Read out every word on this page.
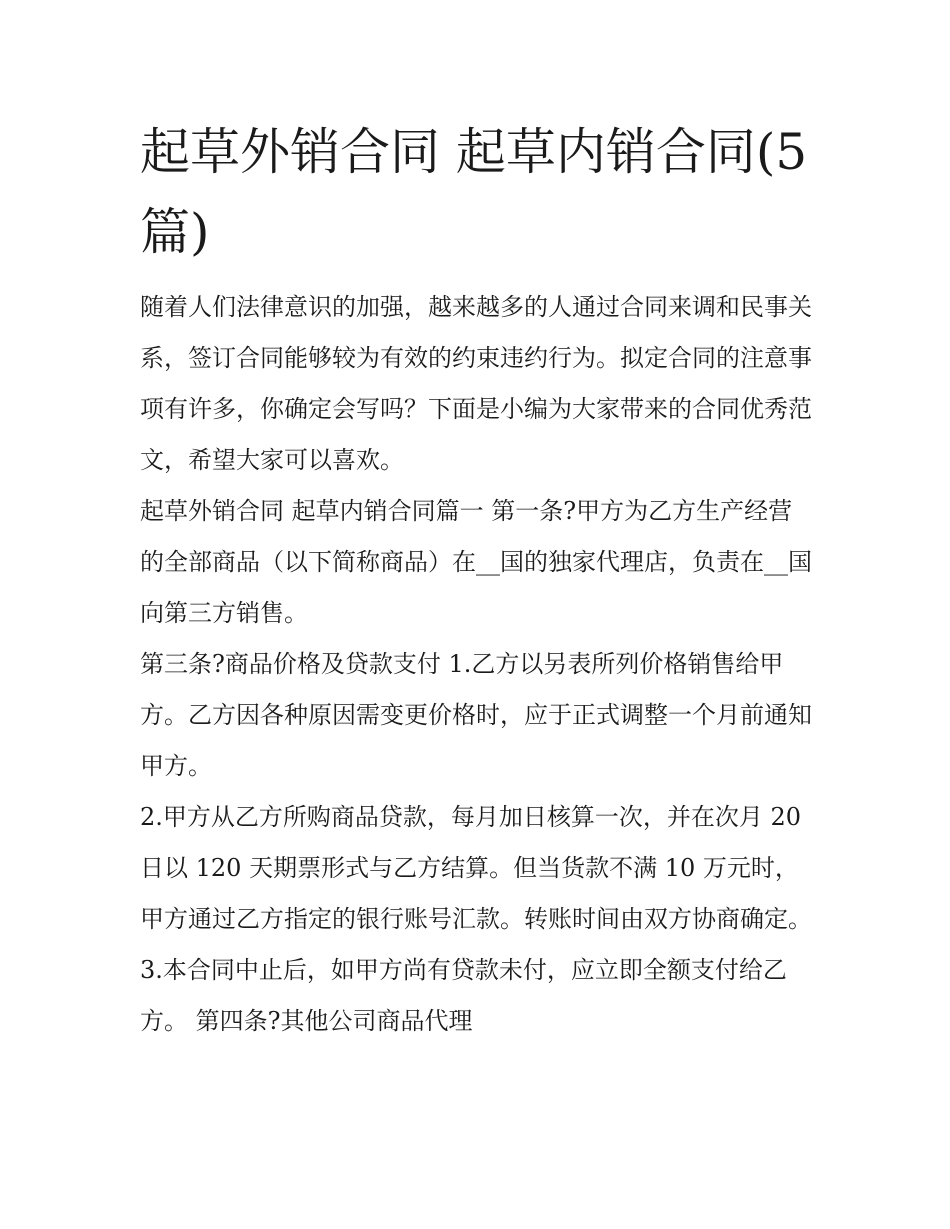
起草外销合同 起草内销合同(5篇)

随着人们法律意识的加强，越来越多的人通过合同来调和民事关系，签订合同能够较为有效的约束违约行为。拟定合同的注意事项有许多，你确定会写吗？下面是小编为大家带来的合同优秀范文，希望大家可以喜欢。

起草外销合同 起草内销合同篇一 第一条?甲方为乙方生产经营的全部商品（以下简称商品）在__国的独家代理店，负责在__国向第三方销售。

第三条?商品价格及贷款支付 1.乙方以另表所列价格销售给甲方。乙方因各种原因需变更价格时，应于正式调整一个月前通知甲方。

2.甲方从乙方所购商品贷款，每月加日核算一次，并在次月 20 日以 120 天期票形式与乙方结算。但当货款不满 10 万元时，甲方通过乙方指定的银行账号汇款。转账时间由双方协商确定。

3.本合同中止后，如甲方尚有贷款未付，应立即全额支付给乙方。 第四条?其他公司商品代理
